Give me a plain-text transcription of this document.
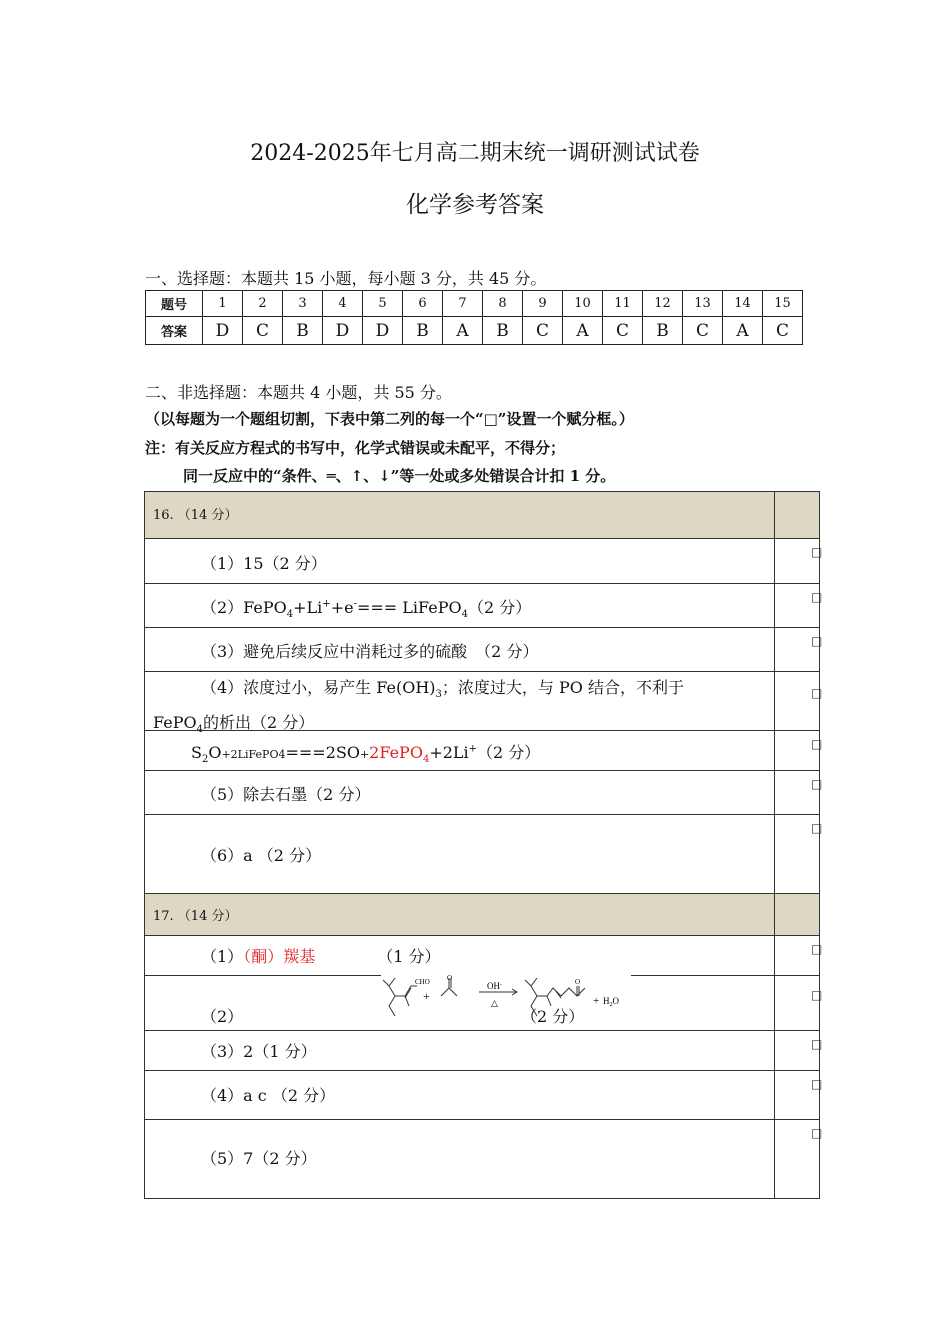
2024-2025年七月高二期末统一调研测试试卷
化学参考答案
一、选择题：本题共 15 小题，每小题 3 分，共 45 分。
题号	1	2	3	4	5	6	7	8	9	10	11	12	13	14	15
答案	D	C	B	D	D	B	A	B	C	A	C	B	C	A	C
二、非选择题：本题共 4 小题，共 55 分。
（以每题为一个题组切割，下表中第二列的每一个“□”设置一个赋分框。）
注：有关反应方程式的书写中，化学式错误或未配平，不得分；
同一反应中的“条件、═、↑、↓”等一处或多处错误合计扣 1 分。
16. （14 分）
（1）15（2 分）
□
（2）FePO$_4$+Li++e-=== LiFePO$_4$（2 分）
□
（3）避免后续反应中消耗过多的硫酸　（2 分）
□
（4）浓度过小，易产生 $Fe(OH)_3$；浓度过大，与 PO 结合，不利于
FePO$_4$的析出（2 分）
□
$S_2O+2LiFePO4===2SO+2FePO_4+2Li^+(2$ 分）	□
（5）除去石墨（2 分）
□
（6）a （2 分）
□
17. （14 分）
（1）（酮）羰基	（1 分）	□
（2）
CHO
+
O
OH-
△
O
+ $H_2O$
（2 分）
□
（3）2（1 分）	□
（4）a c （2 分）
□
（5）7（2 分）
□
